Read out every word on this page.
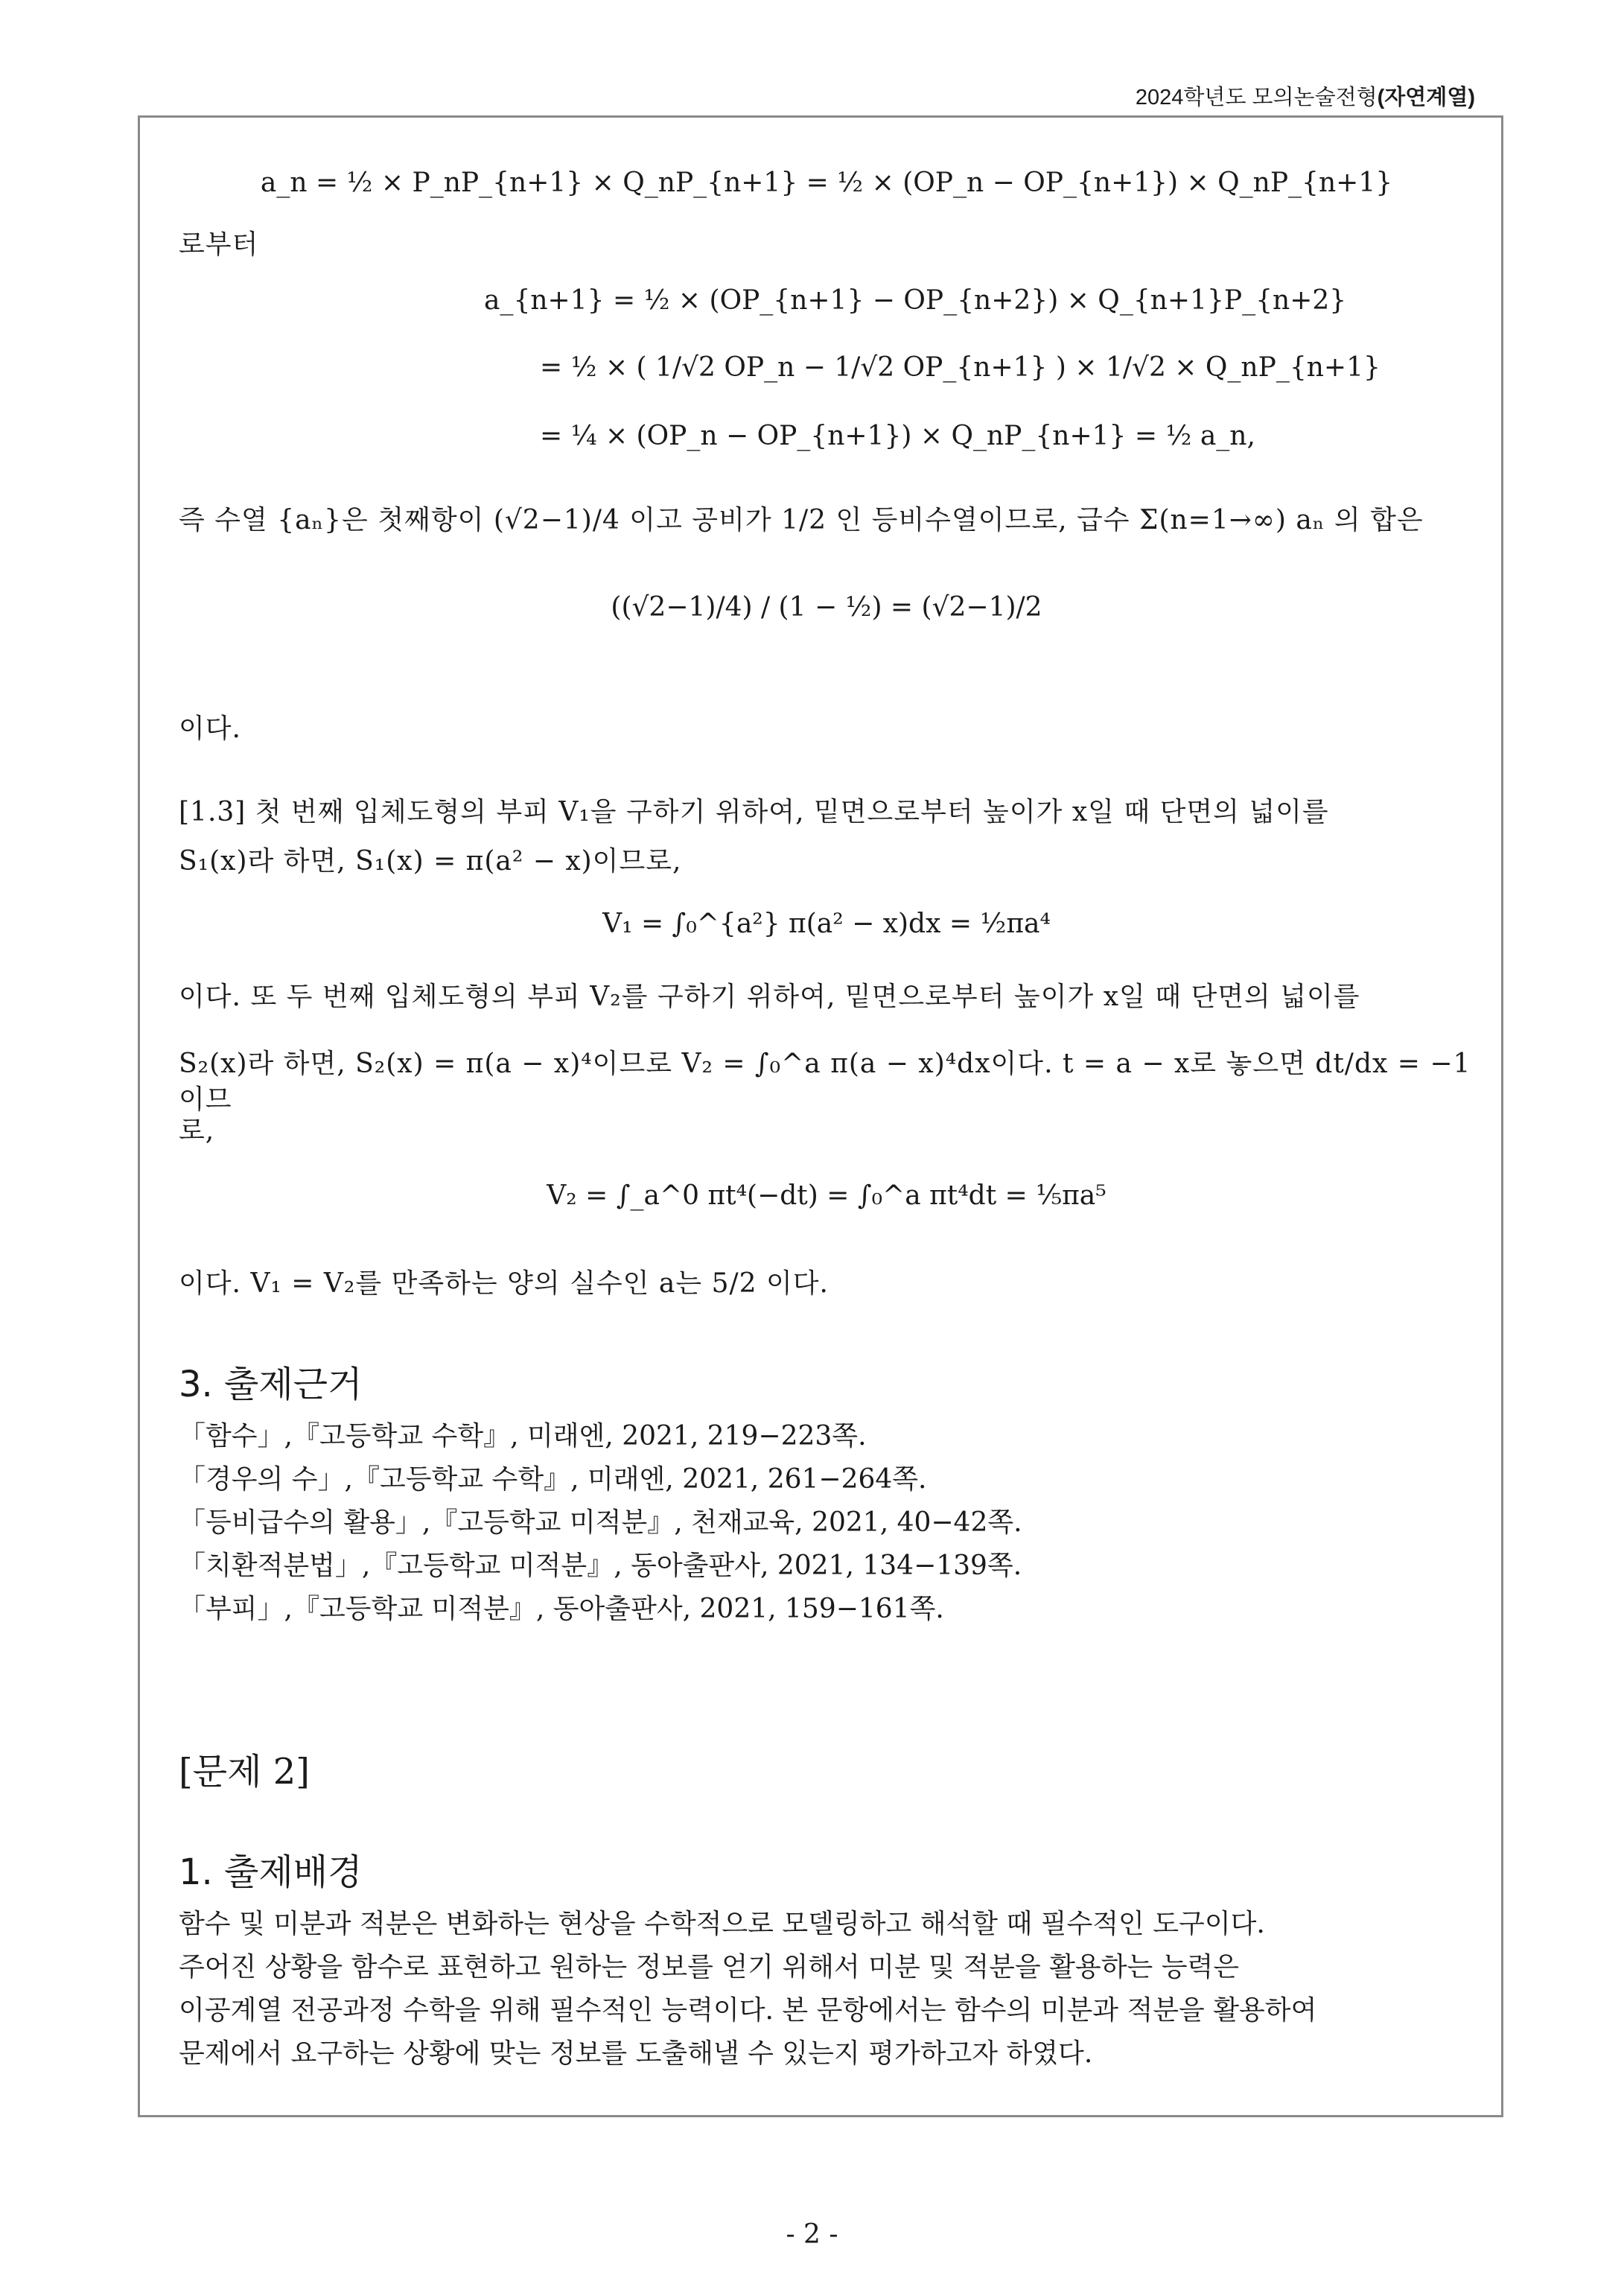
2024학년도 모의논술전형(자연계열)
a_n = ½ × P_nP_{n+1} × Q_nP_{n+1} = ½ × (OP_n − OP_{n+1}) × Q_nP_{n+1}
로부터
a_{n+1} = ½ × (OP_{n+1} − OP_{n+2}) × Q_{n+1}P_{n+2}
= ½ × ( 1/√2 OP_n − 1/√2 OP_{n+1} ) × 1/√2 × Q_nP_{n+1}
= ¼ × (OP_n − OP_{n+1}) × Q_nP_{n+1} = ½ a_n,
즉 수열 {aₙ}은 첫째항이 (√2−1)/4 이고 공비가 1/2 인 등비수열이므로, 급수 Σ(n=1→∞) aₙ 의 합은
((√2−1)/4) / (1 − ½) = (√2−1)/2
이다.
[1.3] 첫 번째 입체도형의 부피 V₁을 구하기 위하여, 밑면으로부터 높이가 x일 때 단면의 넓이를
S₁(x)라 하면, S₁(x) = π(a² − x)이므로,
V₁ = ∫₀^{a²} π(a² − x)dx = ½πa⁴
이다. 또 두 번째 입체도형의 부피 V₂를 구하기 위하여, 밑면으로부터 높이가 x일 때 단면의 넓이를
S₂(x)라 하면, S₂(x) = π(a − x)⁴이므로 V₂ = ∫₀^a π(a − x)⁴dx이다. t = a − x로 놓으면 dt/dx = −1이므
로,
V₂ = ∫_a^0 πt⁴(−dt) = ∫₀^a πt⁴dt = ⅕πa⁵
이다. V₁ = V₂를 만족하는 양의 실수인 a는 5/2 이다.
3. 출제근거
「함수」,『고등학교 수학』, 미래엔, 2021, 219−223쪽.
「경우의 수」,『고등학교 수학』, 미래엔, 2021, 261−264쪽.
「등비급수의 활용」,『고등학교 미적분』, 천재교육, 2021, 40−42쪽.
「치환적분법」,『고등학교 미적분』, 동아출판사, 2021, 134−139쪽.
「부피」,『고등학교 미적분』, 동아출판사, 2021, 159−161쪽.
[문제 2]
1. 출제배경

함수 및 미분과 적분은 변화하는 현상을 수학적으로 모델링하고 해석할 때 필수적인 도구이다.

주어진 상황을 함수로 표현하고 원하는 정보를 얻기 위해서 미분 및 적분을 활용하는 능력은

이공계열 전공과정 수학을 위해 필수적인 능력이다. 본 문항에서는 함수의 미분과 적분을 활용하여

문제에서 요구하는 상황에 맞는 정보를 도출해낼 수 있는지 평가하고자 하였다.

- 2 -
